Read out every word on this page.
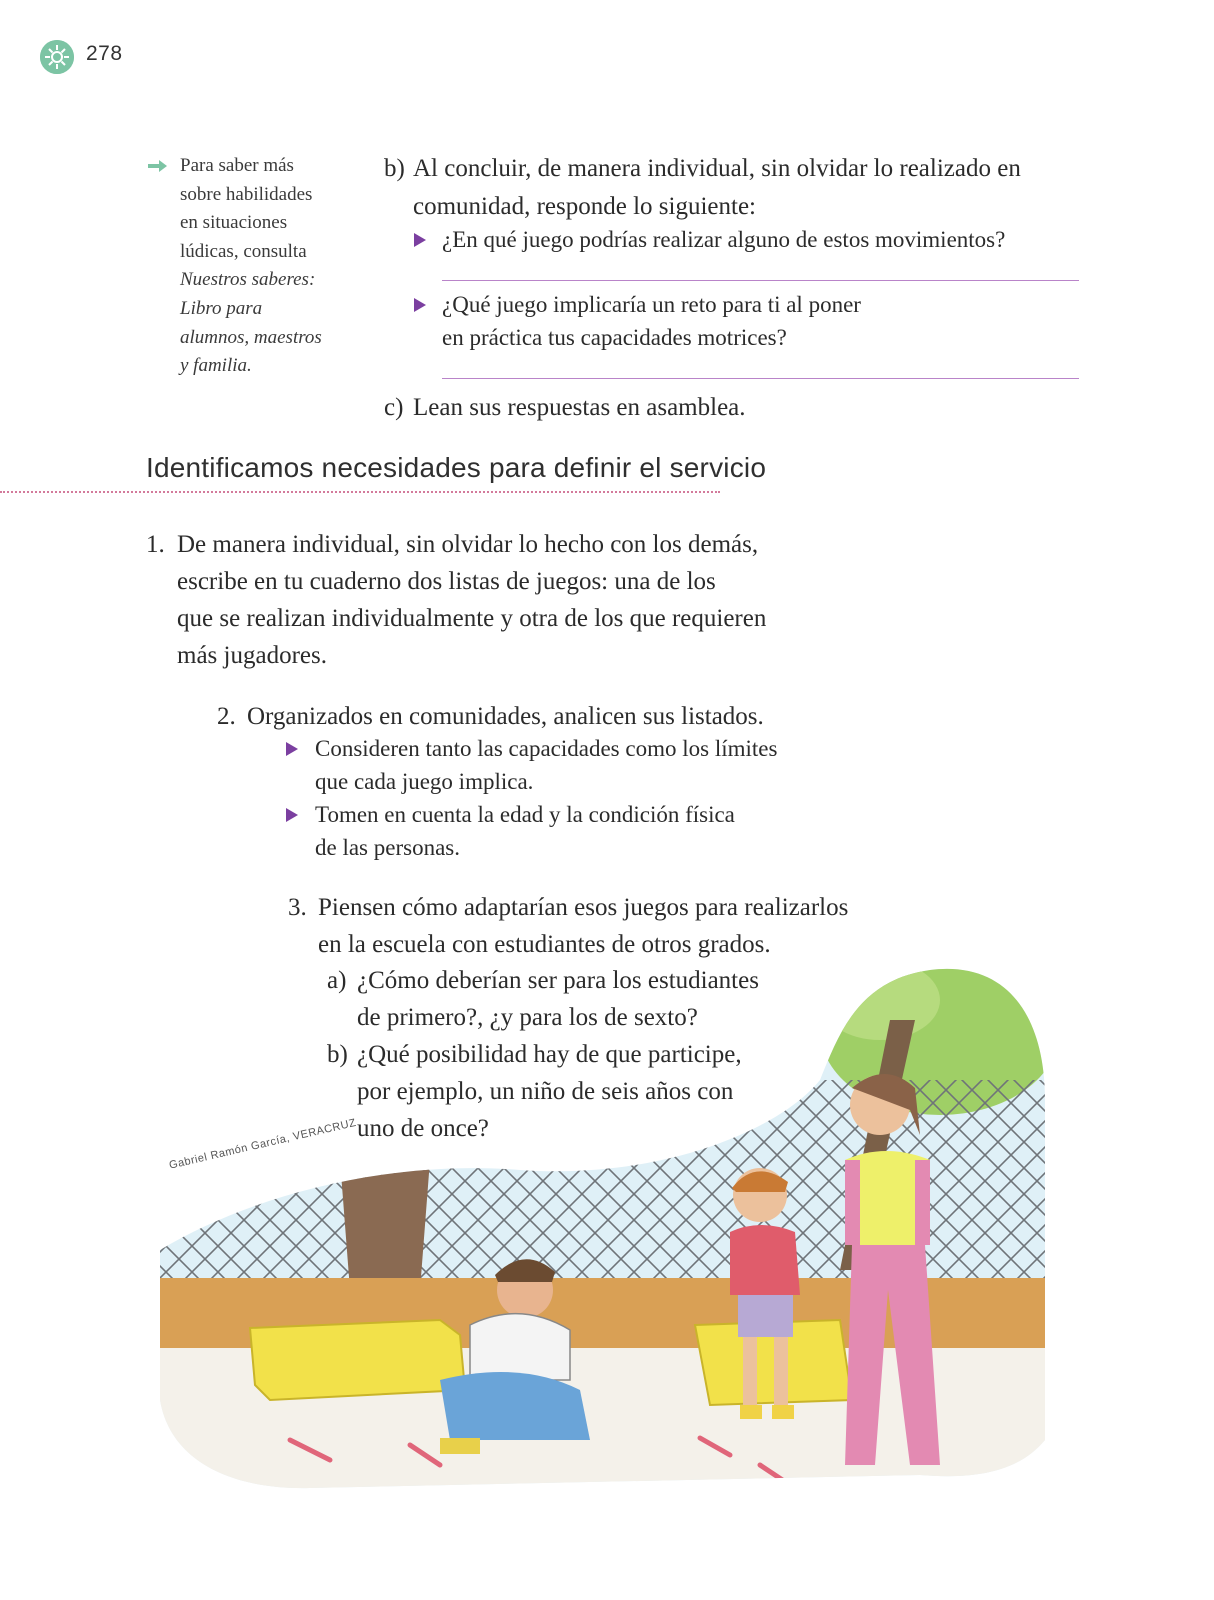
278
Para saber más
sobre habilidades
en situaciones
lúdicas, consulta
Nuestros saberes:
Libro para
alumnos, maestros
y familia.
b) Al concluir, de manera individual, sin olvidar lo realizado en
comunidad, responde lo siguiente:
¿En qué juego podrías realizar alguno de estos movimientos?
¿Qué juego implicaría un reto para ti al poner
en práctica tus capacidades motrices?
c) Lean sus respuestas en asamblea.
Identificamos necesidades para definir el servicio
1. De manera individual, sin olvidar lo hecho con los demás,
escribe en tu cuaderno dos listas de juegos: una de los
que se realizan individualmente y otra de los que requieren
más jugadores.
2. Organizados en comunidades, analicen sus listados.
Consideren tanto las capacidades como los límites
que cada juego implica.
Tomen en cuenta la edad y la condición física
de las personas.
3. Piensen cómo adaptarían esos juegos para realizarlos
en la escuela con estudiantes de otros grados.
a) ¿Cómo deberían ser para los estudiantes
de primero?, ¿y para los de sexto?
b) ¿Qué posibilidad hay de que participe,
por ejemplo, un niño de seis años con
uno de once?
Gabriel Ramón García, VERACRUZ
